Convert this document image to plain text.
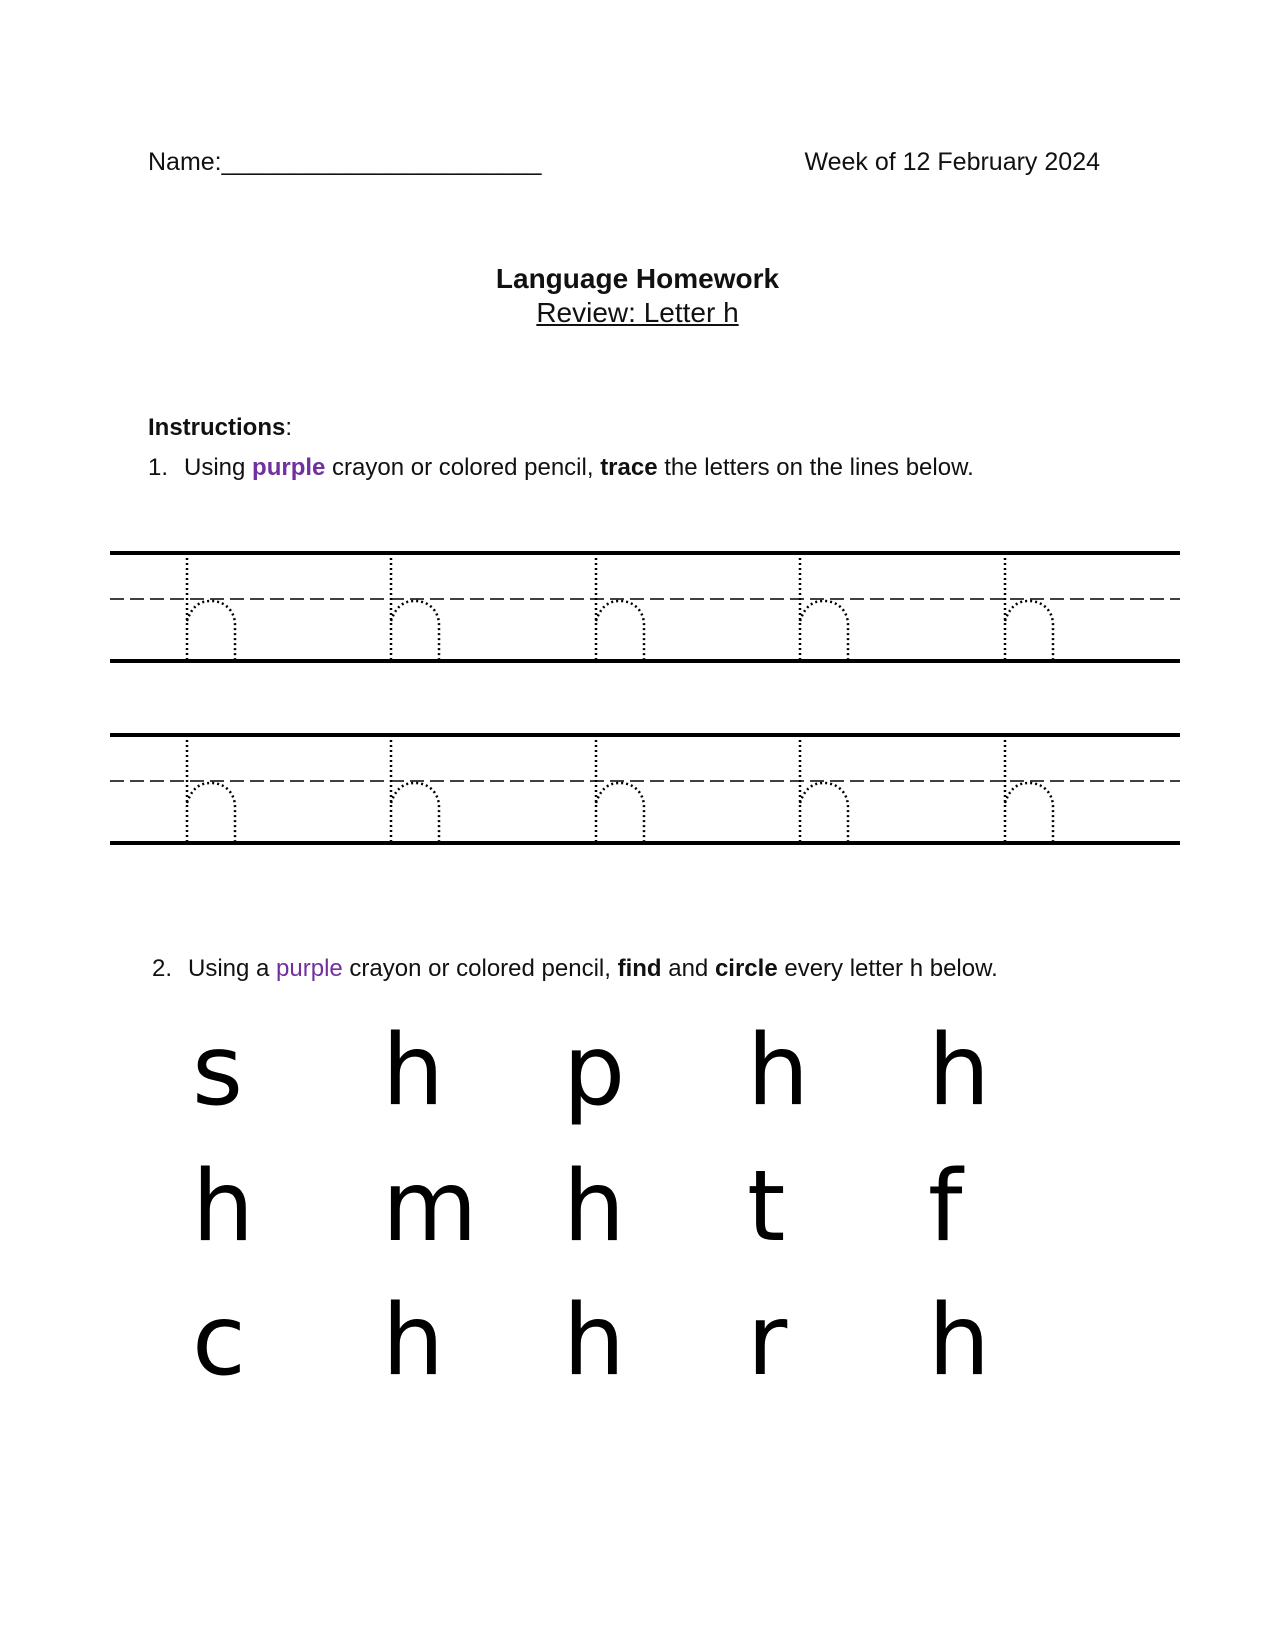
Name:_______________________	Week of 12 February 2024
Language Homework
Review: Letter h
Instructions:
1. Using purple crayon or colored pencil, trace the letters on the lines below.
2. Using a purple crayon or colored pencil, find and circle every letter h below.
s h p h h
h m h t f
c h h r h
